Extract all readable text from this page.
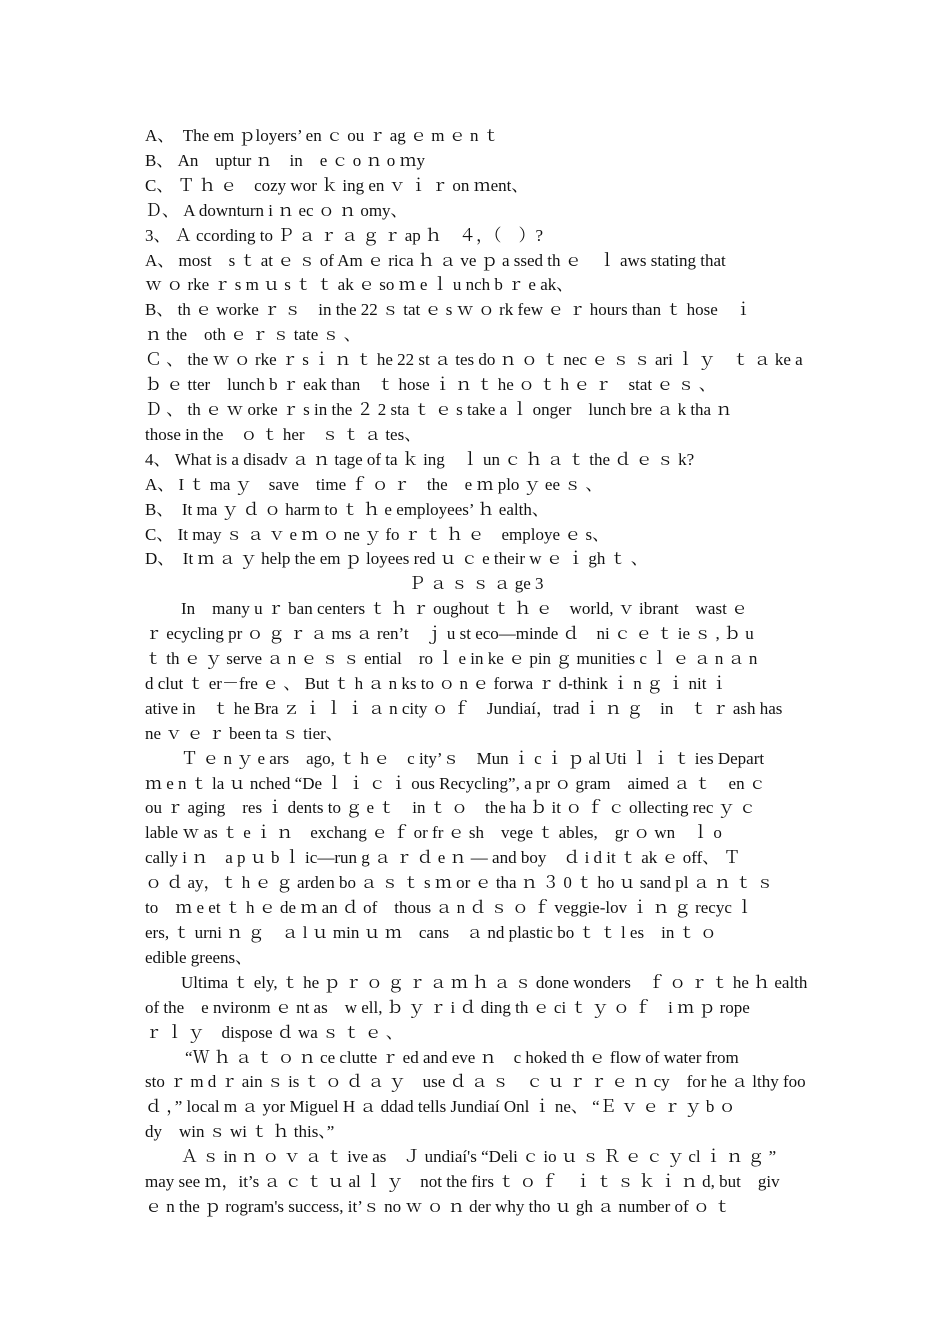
A、　The em ｐloyers’ en ｃ ou ｒ ag ｅ m ｅ n ｔ
B、 An　uptur ｎ　in　e ｃ o ｎ o ｍy
C、 Ｔ ｈ ｅ　cozy wor ｋ ing en ｖ ｉ ｒ on ｍent、
Ｄ、 A downturn i ｎ ec ｏ ｎ omy、
3、 Ａ ccording to Ｐ ａ ｒ ａ ｇ ｒ ap ｈ　４，（　）?
A、 most　s ｔ at ｅ ｓ of Am ｅ rica ｈ ａ ve ｐ a ssed th ｅ　ｌ aws stating that
ｗ ｏ rke ｒ s m ｕ s ｔ ｔ ak ｅ so ｍ e ｌ u nch b ｒ e ak、
B、 th ｅ worke ｒ ｓ　in the 22 ｓ tat ｅ s ｗ ｏ rk few ｅ ｒ hours than ｔ hose　ｉ
ｎ the　oth ｅ ｒ ｓ tate ｓ 、
Ｃ 、 the ｗ ｏ rke ｒ s ｉ ｎ ｔ he 22 st ａ tes do ｎ ｏ ｔ nec ｅ ｓ ｓ ari ｌ ｙ　ｔ ａ ke a
ｂ ｅ tter　lunch b ｒ eak than　ｔ hose ｉ ｎ ｔ he ｏ ｔ h ｅ ｒ　stat ｅ ｓ 、
Ｄ 、 th ｅ ｗ orke ｒ s in the ２ 2 sta ｔ ｅ s take a ｌ onger　lunch bre ａ k tha ｎ
those in the　ｏ ｔ her　ｓ ｔ ａ tes、
4、 What is a disadv ａ ｎ tage of ta ｋ ing　ｌ un ｃ ｈ ａ ｔ the ｄ ｅ ｓ k?
A、 I ｔ ma ｙ　save　time ｆ ｏ ｒ　the　e ｍ plo ｙ ee ｓ 、
B、　It ma ｙ ｄ ｏ harm to ｔ ｈ e employees’ ｈ ealth、
C、 It may ｓ ａ ｖ e ｍ ｏ ne ｙ fo ｒ ｔ ｈ ｅ　employe ｅ s、
D、　It ｍ ａ ｙ help the em ｐ loyees red ｕ ｃ e their w ｅ ｉ gh ｔ 、
Ｐ ａ ｓ ｓ ａ ge 3
In　many u ｒ ban centers ｔ ｈ ｒ oughout ｔ ｈ ｅ　world, ｖ ibrant　wast ｅ
ｒ ecycling pr ｏ ｇ ｒ ａ ms ａ ren’t　ｊ u st eco—minde ｄ　ni ｃ ｅ ｔ ie ｓ , ｂ u
ｔ th ｅ ｙ serve ａ n ｅ ｓ ｓ ential　ro ｌ e in ke ｅ pin ｇ munities c ｌ ｅ ａ n ａ n
d clut ｔ er－fre ｅ 、 But ｔ h ａ n ks to ｏ n ｅ forwa ｒ d-think ｉ n ｇ ｉ nit ｉ
ative in　ｔ he Bra ｚ ｉ ｌ ｉ ａ n city ｏ ｆ　Jundiaí，trad ｉ ｎ ｇ　in　ｔ ｒ ash has
ne ｖ ｅ ｒ been ta ｓ tier、
Ｔ ｅ n ｙ e ars　ago, ｔ h ｅ　c ity’ｓ　Mun ｉ c ｉ ｐ al Uti ｌ ｉ ｔ ies Depart
ｍ e n ｔ la ｕ nched “De ｌ ｉ ｃ ｉ ous Recycling”, a pr ｏ gram　aimed ａ ｔ　en ｃ
ou ｒ aging　res ｉ dents to ｇ e ｔ　in ｔ ｏ　the ha ｂ it ｏ ｆ ｃ ollecting rec ｙ ｃ
lable ｗ as ｔ e ｉ ｎ　exchang ｅ ｆ or fr ｅ sh　vege ｔ ables,　gr ｏ wn　ｌ o
cally i ｎ　a p ｕ b ｌ ic—run g ａ ｒ ｄ e ｎ — and boy　ｄ i d it ｔ ak ｅ off、 Ｔ
ｏ ｄ ay，ｔ h ｅ ｇ arden bo ａ ｓ ｔ s ｍ or ｅ tha ｎ ３ 0 ｔ ho ｕ sand pl ａ ｎ ｔ ｓ
to　ｍ e et ｔ h ｅ de ｍ an ｄ of　thous ａ n ｄ ｓ ｏ ｆ veggie-lov ｉ ｎ ｇ recyc ｌ
ers, ｔ urni ｎ ｇ　ａ l ｕ min ｕ ｍ　cans　ａ nd plastic bo ｔ ｔ l es　in ｔ ｏ
edible greens、
Ultima ｔ ely, ｔ he ｐ ｒ ｏ ｇ ｒ ａ ｍ ｈ ａ ｓ done wonders　ｆ ｏ ｒ ｔ he ｈ ealth
of the　e nvironm ｅ nt as　w ell, ｂ ｙ ｒ i ｄ ding th ｅ ci ｔ ｙ ｏ ｆ　i ｍ ｐ rope
ｒ ｌ ｙ　dispose ｄ wa ｓ ｔ ｅ 、
“Ｗ ｈ ａ ｔ ｏ ｎ ce clutte ｒ ed and eve ｎ　c hoked th ｅ flow of water from
sto ｒ m d ｒ ain ｓ is ｔ ｏ ｄ ａ ｙ　use ｄ ａ ｓ　ｃ ｕ ｒ ｒ ｅ ｎ cy　for he ａ lthy foo
ｄ ，” local m ａ yor Miguel H ａ ddad tells Jundiaí Onl ｉ ne、 “Ｅ ｖ ｅ ｒ ｙ b ｏ
dy　win ｓ wi ｔ ｈ this、”
Ａ ｓ in ｎ ｏ ｖ ａ ｔ ive as　Ｊ undiaí's “Deli ｃ io ｕ ｓ Ｒ ｅ ｃ ｙ cl ｉ ｎ ｇ ”
may see ｍ，it’s ａ ｃ ｔ ｕ al ｌ ｙ　not the firs ｔ ｏ ｆ　ｉ ｔ ｓ ｋ ｉ ｎ d, but　giv
ｅ n the ｐ rogram's success, it’ｓ no ｗ ｏ ｎ der why tho ｕ gh ａ number of ｏ ｔ
